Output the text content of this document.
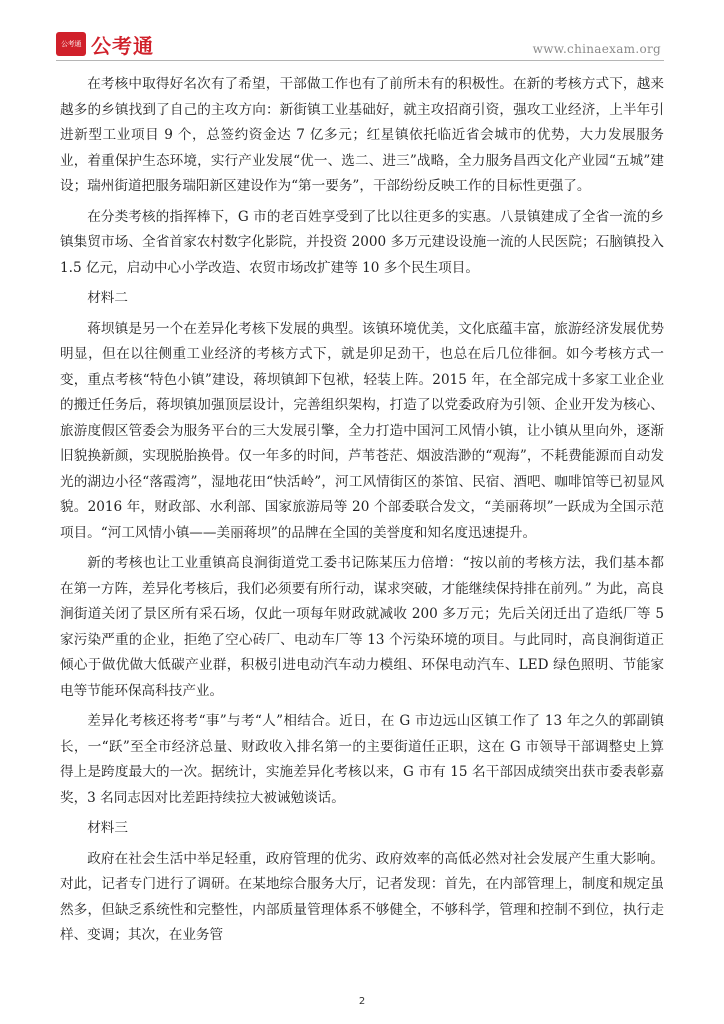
公考通 公考通	www.chinaexam.org

在考核中取得好名次有了希望，干部做工作也有了前所未有的积极性。在新的考核方式下，越来越多的乡镇找到了自己的主攻方向：新街镇工业基础好，就主攻招商引资，强攻工业经济，上半年引进新型工业项目 9 个，总签约资金达 7 亿多元；红星镇依托临近省会城市的优势，大力发展服务业，着重保护生态环境，实行产业发展“优一、选二、进三”战略，全力服务昌西文化产业园“五城”建设；瑞州街道把服务瑞阳新区建设作为“第一要务”，干部纷纷反映工作的目标性更强了。

在分类考核的指挥棒下，G 市的老百姓享受到了比以往更多的实惠。八景镇建成了全省一流的乡镇集贸市场、全省首家农村数字化影院，并投资 2000 多万元建设设施一流的人民医院；石脑镇投入 1.5 亿元，启动中心小学改造、农贸市场改扩建等 10 多个民生项目。

材料二

蒋坝镇是另一个在差异化考核下发展的典型。该镇环境优美，文化底蕴丰富，旅游经济发展优势明显，但在以往侧重工业经济的考核方式下，就是卯足劲干，也总在后几位徘徊。如今考核方式一变，重点考核“特色小镇”建设，蒋坝镇卸下包袱，轻装上阵。2015 年，在全部完成十多家工业企业的搬迁任务后，蒋坝镇加强顶层设计，完善组织架构，打造了以党委政府为引领、企业开发为核心、旅游度假区管委会为服务平台的三大发展引擎，全力打造中国河工风情小镇，让小镇从里向外，逐渐旧貌换新颜，实现脱胎换骨。仅一年多的时间，芦苇苍茫、烟波浩渺的“观海”，不耗费能源而自动发光的湖边小径“落霞湾”，湿地花田“快活岭”，河工风情街区的茶馆、民宿、酒吧、咖啡馆等已初显风貌。2016 年，财政部、水利部、国家旅游局等 20 个部委联合发文，“美丽蒋坝”一跃成为全国示范项目。“河工风情小镇——美丽蒋坝”的品牌在全国的美誉度和知名度迅速提升。

新的考核也让工业重镇高良涧街道党工委书记陈某压力倍增：“按以前的考核方法，我们基本都在第一方阵，差异化考核后，我们必须要有所行动，谋求突破，才能继续保持排在前列。” 为此，高良涧街道关闭了景区所有采石场，仅此一项每年财政就减收 200 多万元；先后关闭迁出了造纸厂等 5 家污染严重的企业，拒绝了空心砖厂、电动车厂等 13 个污染环境的项目。与此同时，高良涧街道正倾心于做优做大低碳产业群，积极引进电动汽车动力模组、环保电动汽车、LED 绿色照明、节能家电等节能环保高科技产业。

差异化考核还将考“事”与考“人”相结合。近日，在 G 市边远山区镇工作了 13 年之久的郭副镇长，一“跃”至全市经济总量、财政收入排名第一的主要街道任正职，这在 G 市领导干部调整史上算得上是跨度最大的一次。据统计，实施差异化考核以来，G 市有 15 名干部因成绩突出获市委表彰嘉奖，3 名同志因对比差距持续拉大被诫勉谈话。

材料三

政府在社会生活中举足轻重，政府管理的优劣、政府效率的高低必然对社会发展产生重大影响。对此，记者专门进行了调研。在某地综合服务大厅，记者发现：首先，在内部管理上，制度和规定虽然多，但缺乏系统性和完整性，内部质量管理体系不够健全，不够科学，管理和控制不到位，执行走样、变调；其次，在业务管

2
